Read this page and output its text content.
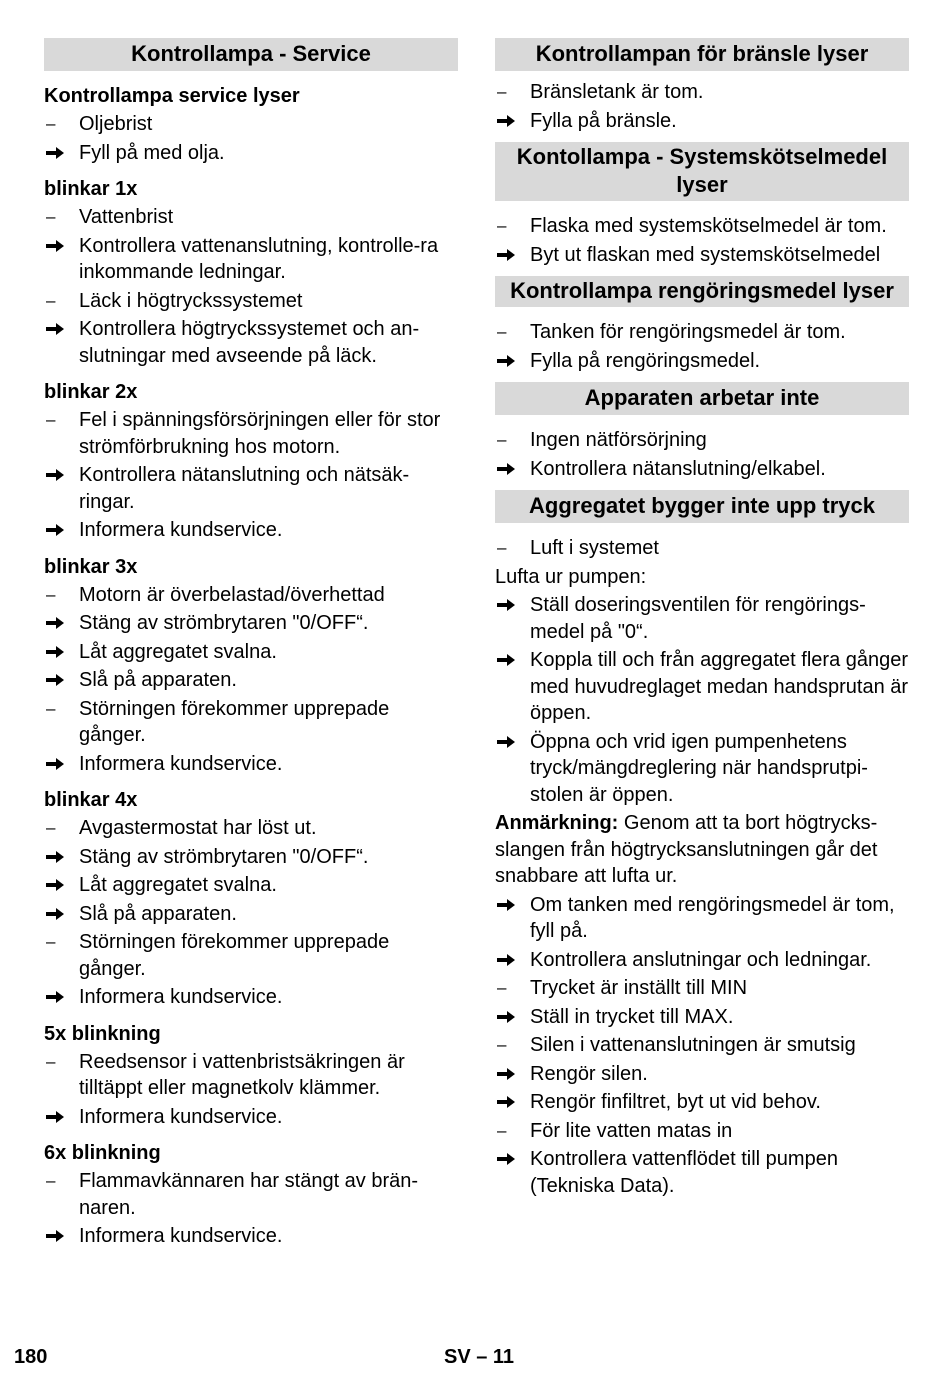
Kontrollampa - Service
Kontrollampa service lyser
–	Oljebrist
Fyll på med olja.
blinkar 1x
–	Vattenbrist
Kontrollera vattenanslutning, kontrolle-ra inkommande ledningar.
–	Läck i högtryckssystemet
Kontrollera högtryckssystemet och an-slutningar med avseende på läck.
blinkar 2x
–	Fel i spänningsförsörjningen eller för stor strömförbrukning hos motorn.
Kontrollera nätanslutning och nätsäk-ringar.
Informera kundservice.
blinkar 3x
–	Motorn är överbelastad/överhettad
Stäng av strömbrytaren "0/OFF“.
Låt aggregatet svalna.
Slå på apparaten.
–	Störningen förekommer upprepade gånger.
Informera kundservice.
blinkar 4x
–	Avgastermostat har löst ut.
Stäng av strömbrytaren "0/OFF“.
Låt aggregatet svalna.
Slå på apparaten.
–	Störningen förekommer upprepade gånger.
Informera kundservice.
5x blinkning
–	Reedsensor i vattenbristsäkringen är tilltäppt eller magnetkolv klämmer.
Informera kundservice.
6x blinkning
–	Flammavkännaren har stängt av brän-naren.
Informera kundservice.
Kontrollampan för bränsle lyser
–	Bränsletank är tom.
Fylla på bränsle.
Kontollampa - Systemskötselmedel lyser
–	Flaska med systemskötselmedel är tom.
Byt ut flaskan med systemskötselmedel
Kontrollampa rengöringsmedel lyser
–	Tanken för rengöringsmedel är tom.
Fylla på rengöringsmedel.
Apparaten arbetar inte
–	Ingen nätförsörjning
Kontrollera nätanslutning/elkabel.
Aggregatet bygger inte upp tryck
–	Luft i systemet
Lufta ur pumpen:
Ställ doseringsventilen för rengörings-medel på "0“.
Koppla till och från aggregatet flera gånger med huvudreglaget medan handsprutan är öppen.
Öppna och vrid igen pumpenhetens tryck/mängdreglering när handsprutpi-stolen är öppen.
Anmärkning: Genom att ta bort högtrycks-slangen från högtrycksanslutningen går det snabbare att lufta ur.
Om tanken med rengöringsmedel är tom, fyll på.
Kontrollera anslutningar och ledningar.
–	Trycket är inställt till MIN
Ställ in trycket till MAX.
–	Silen i vattenanslutningen är smutsig
Rengör silen.
Rengör finfiltret, byt ut vid behov.
–	För lite vatten matas in
Kontrollera vattenflödet till pumpen (Tekniska Data).
180	SV – 11
